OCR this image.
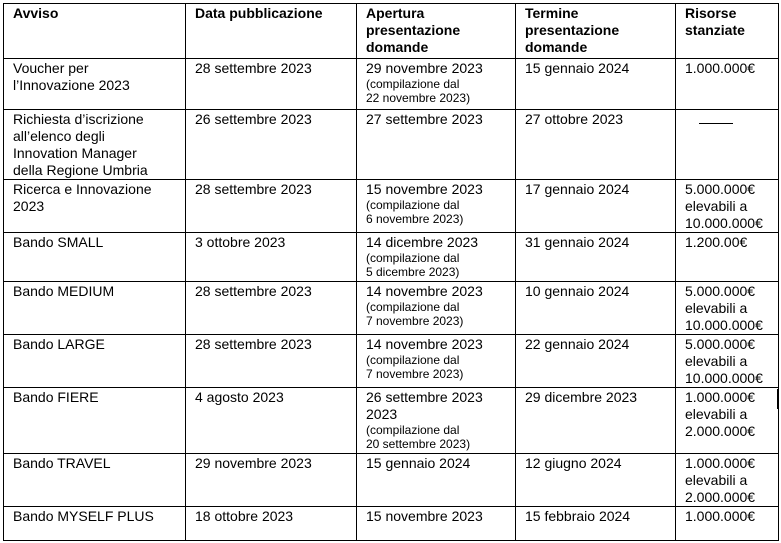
Avviso	Data pubblicazione	Apertura
presentazione
domande	Termine
presentazione
domande	Risorse
stanziate

Voucher per
l’Innovazione 2023	28 settembre 2023	29 novembre 2023
(compilazione dal
22 novembre 2023)	15 gennaio 2024	1.000.000€

Richiesta d’iscrizione
all’elenco degli
Innovation Manager
della Regione Umbria	26 settembre 2023	27 settembre 2023	27 ottobre 2023	

Ricerca e Innovazione
2023	28 settembre 2023	15 novembre 2023
(compilazione dal
6 novembre 2023)	17 gennaio 2024	5.000.000€
elevabili a
10.000.000€

Bando SMALL	3 ottobre 2023	14 dicembre 2023
(compilazione dal
5 dicembre 2023)	31 gennaio 2024	1.200.00€

Bando MEDIUM	28 settembre 2023	14 novembre 2023
(compilazione dal
7 novembre 2023)	10 gennaio 2024	5.000.000€
elevabili a
10.000.000€

Bando LARGE	28 settembre 2023	14 novembre 2023
(compilazione dal
7 novembre 2023)	22 gennaio 2024	5.000.000€
elevabili a
10.000.000€

Bando FIERE	4 agosto 2023	26 settembre 2023
2023
(compilazione dal
20 settembre 2023)	29 dicembre 2023	1.000.000€
elevabili a
2.000.000€

Bando TRAVEL	29 novembre 2023	15 gennaio 2024	12 giugno 2024	1.000.000€
elevabili a
2.000.000€

Bando MYSELF PLUS	18 ottobre 2023	15 novembre 2023	15 febbraio 2024	1.000.000€
